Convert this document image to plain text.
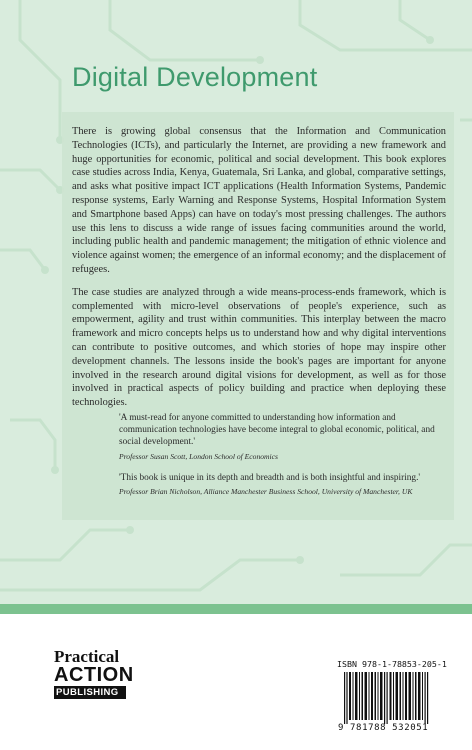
Digital Development

There is growing global consensus that the Information and Communication Technologies (ICTs), and particularly the Internet, are providing a new framework and huge opportunities for economic, political and social development. This book explores case studies across India, Kenya, Guatemala, Sri Lanka, and global, comparative settings, and asks what positive impact ICT applications (Health Information Systems, Pandemic response systems, Early Warning and Response Systems, Hospital Information System and Smartphone based Apps) can have on today's most pressing challenges. The authors use this lens to discuss a wide range of issues facing communities around the world, including public health and pandemic management; the mitigation of ethnic violence and violence against women; the emergence of an informal economy; and the displacement of refugees.

The case studies are analyzed through a wide means-process-ends framework, which is complemented with micro-level observations of people's experience, such as empowerment, agility and trust within communities. This interplay between the macro framework and micro concepts helps us to understand how and why digital interventions can contribute to positive outcomes, and which stories of hope may inspire other development channels. The lessons inside the book's pages are important for anyone involved in the research around digital visions for development, as well as for those involved in practical aspects of policy building and practice when deploying these technologies.

'A must-read for anyone committed to understanding how information and communication technologies have become integral to global economic, political, and social development.'
Professor Susan Scott, London School of Economics
'This book is unique in its depth and breadth and is both insightful and inspiring.'
Professor Brian Nicholson, Alliance Manchester Business School, University of Manchester, UK
Practical
ACTION
PUBLISHING
ISBN 978-1-78853-205-1
9 781788 532051
